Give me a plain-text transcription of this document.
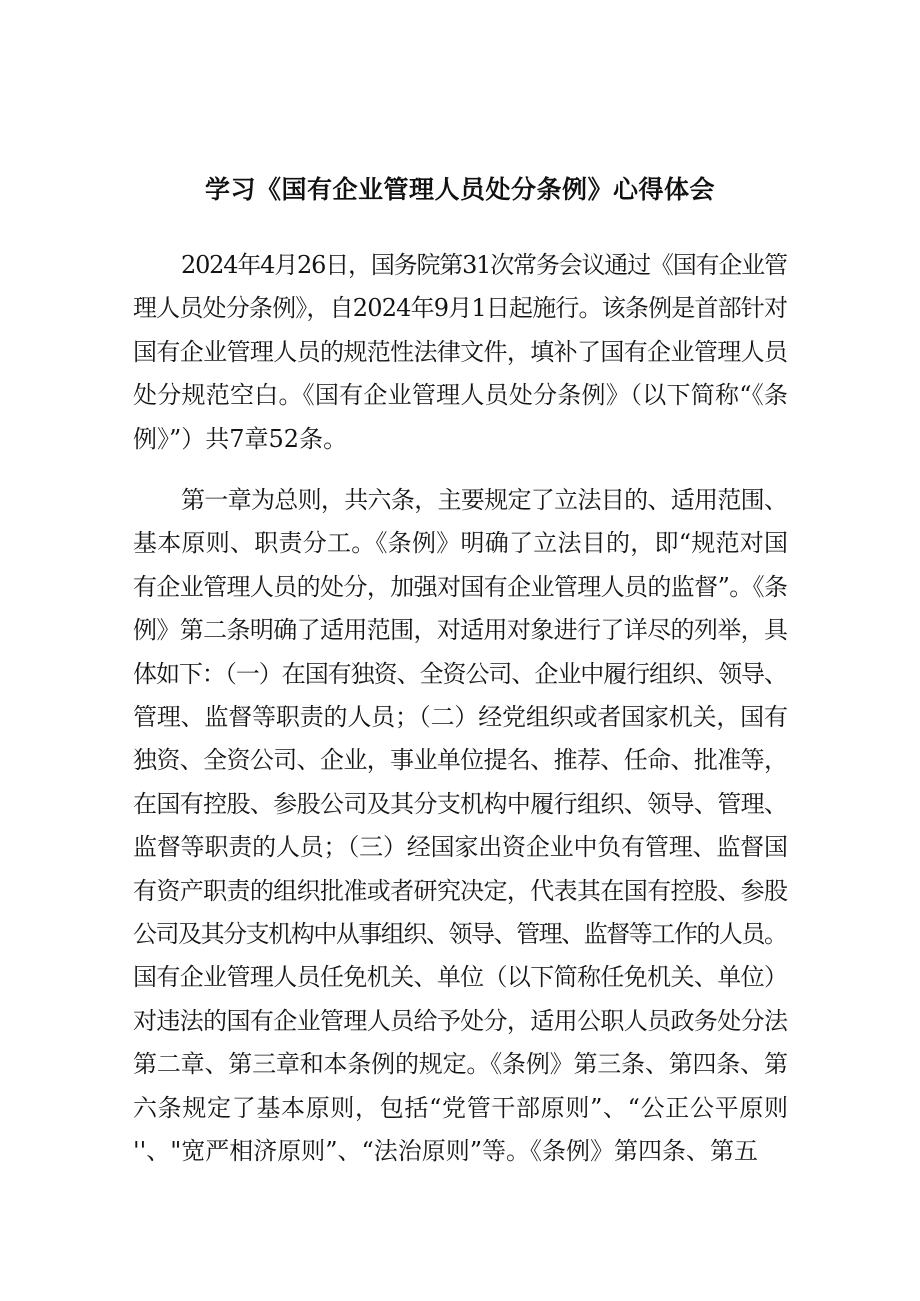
学习《国有企业管理人员处分条例》心得体会
2024年4月26日，国务院第31次常务会议通过《国有企业管
理人员处分条例》，自2024年9月1日起施行。该条例是首部针对
国有企业管理人员的规范性法律文件，填补了国有企业管理人员
处分规范空白。《国有企业管理人员处分条例》（以下简称“《条
例》”）共7章52条。
第一章为总则，共六条，主要规定了立法目的、适用范围、
基本原则、职责分工。《条例》明确了立法目的，即“规范对国
有企业管理人员的处分，加强对国有企业管理人员的监督”。《条
例》第二条明确了适用范围，对适用对象进行了详尽的列举，具
体如下：（一）在国有独资、全资公司、企业中履行组织、领导、
管理、监督等职责的人员；（二）经党组织或者国家机关，国有
独资、全资公司、企业，事业单位提名、推荐、任命、批准等，
在国有控股、参股公司及其分支机构中履行组织、领导、管理、
监督等职责的人员；（三）经国家出资企业中负有管理、监督国
有资产职责的组织批准或者研究决定，代表其在国有控股、参股
公司及其分支机构中从事组织、领导、管理、监督等工作的人员。
国有企业管理人员任免机关、单位（以下简称任免机关、单位）
对违法的国有企业管理人员给予处分，适用公职人员政务处分法
第二章、第三章和本条例的规定。《条例》第三条、第四条、第
六条规定了基本原则，包括“党管干部原则”、“公正公平原则
''、"宽严相济原则”、“法治原则”等。《条例》第四条、第五
